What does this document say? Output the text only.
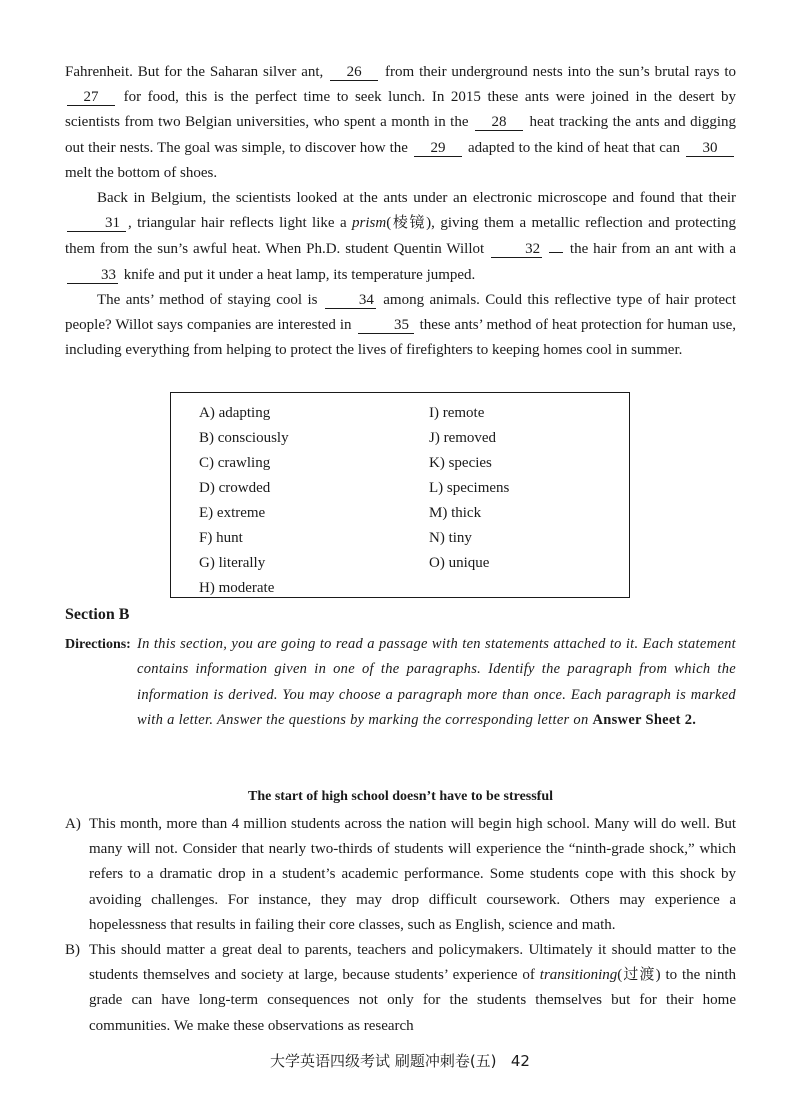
Fahrenheit. But for the Saharan silver ant, 26 from their underground nests into the sun’s brutal rays to 27 for food, this is the perfect time to seek lunch. In 2015 these ants were joined in the desert by scientists from two Belgian universities, who spent a month in the 28 heat tracking the ants and digging out their nests. The goal was simple, to discover how the 29 adapted to the kind of heat that can 30 melt the bottom of shoes.

Back in Belgium, the scientists looked at the ants under an electronic microscope and found that their 31 , triangular hair reflects light like a prism(棱镜), giving them a metallic reflection and protecting them from the sun’s awful heat. When Ph.D. student Quentin Willot	32 the hair from an ant with a 33 knife and put it under a heat lamp, its temperature jumped.

The ants’ method of staying cool is	34 among animals. Could this reflective type of hair protect people? Willot says companies are interested in	35 these ants’ method of heat protection for human use, including everything from helping to protect the lives of firefighters to keeping homes cool in summer.

A) adapting
B) consciously
C) crawling
D) crowded
E) extreme
F) hunt
G) literally
H) moderate
I) remote
J) removed
K) species
L) specimens
M) thick
N) tiny
O) unique
Section B
Directions: In this section, you are going to read a passage with ten statements attached to it. Each statement contains information given in one of the paragraphs. Identify the paragraph from which the information is derived. You may choose a paragraph more than once. Each paragraph is marked with a letter. Answer the questions by marking the corresponding letter on Answer Sheet 2.
The start of high school doesn’t have to be stressful

A) This month, more than 4 million students across the nation will begin high school. Many will do well. But many will not. Consider that nearly two-thirds of students will experience the “ninth-grade shock,” which refers to a dramatic drop in a student’s academic performance. Some students cope with this shock by avoiding challenges. For instance, they may drop difficult coursework. Others may experience a hopelessness that results in failing their core classes, such as English, science and math.

B) This should matter a great deal to parents, teachers and policymakers. Ultimately it should matter to the students themselves and society at large, because students’ experience of transitioning(过渡) to the ninth grade can have long-term consequences not only for the students themselves but for their home communities. We make these observations as research

大学英语四级考试 刷题冲刺卷(五) 42
